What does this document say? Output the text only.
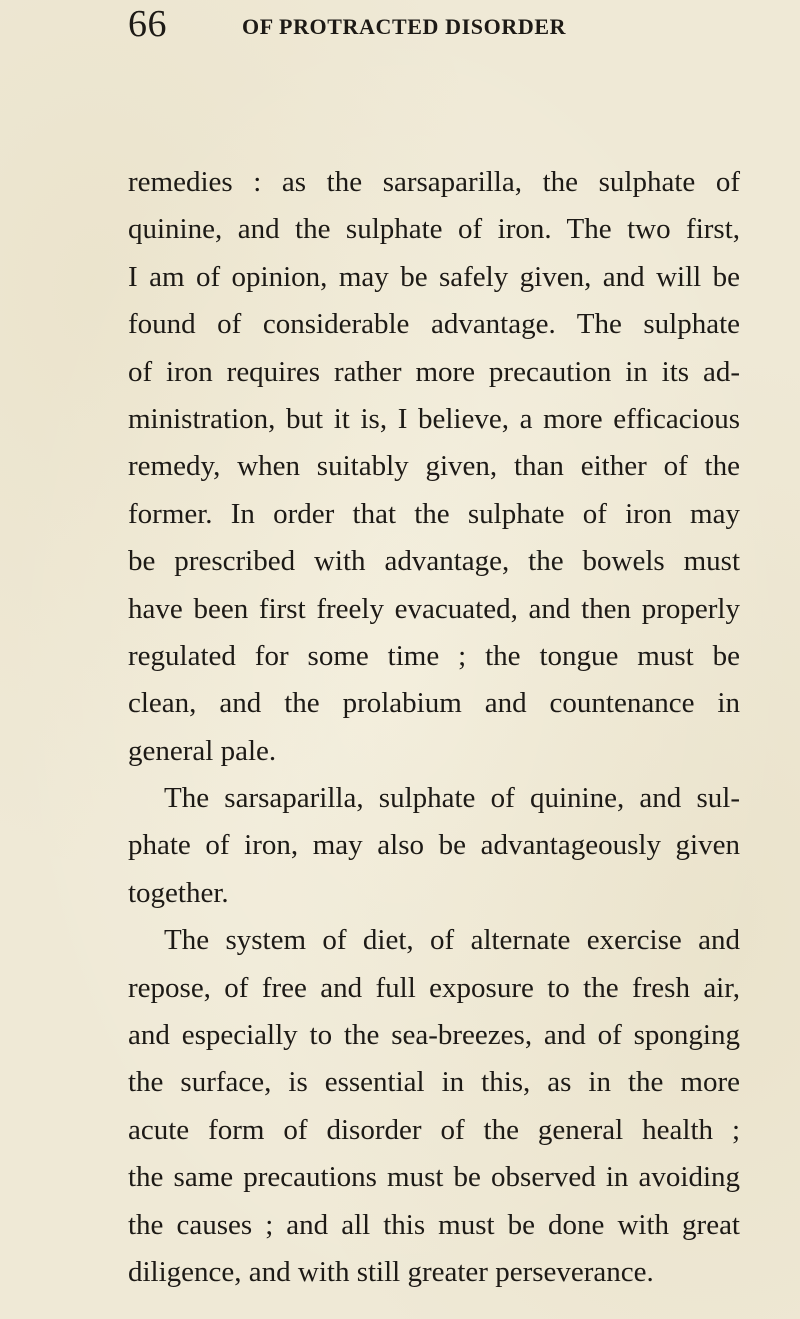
66	OF PROTRACTED DISORDER
remedies : as the sarsaparilla, the sulphate of
quinine, and the sulphate of iron. The two first,
I am of opinion, may be safely given, and will be
found of considerable advantage. The sulphate
of iron requires rather more precaution in its ad-
ministration, but it is, I believe, a more efficacious
remedy, when suitably given, than either of the
former. In order that the sulphate of iron may
be prescribed with advantage, the bowels must
have been first freely evacuated, and then properly
regulated for some time ; the tongue must be
clean, and the prolabium and countenance in
general pale.
The sarsaparilla, sulphate of quinine, and sul-
phate of iron, may also be advantageously given
together.
The system of diet, of alternate exercise and
repose, of free and full exposure to the fresh air,
and especially to the sea-breezes, and of sponging
the surface, is essential in this, as in the more
acute form of disorder of the general health ;
the same precautions must be observed in avoiding
the causes ; and all this must be done with great
diligence, and with still greater perseverance.
